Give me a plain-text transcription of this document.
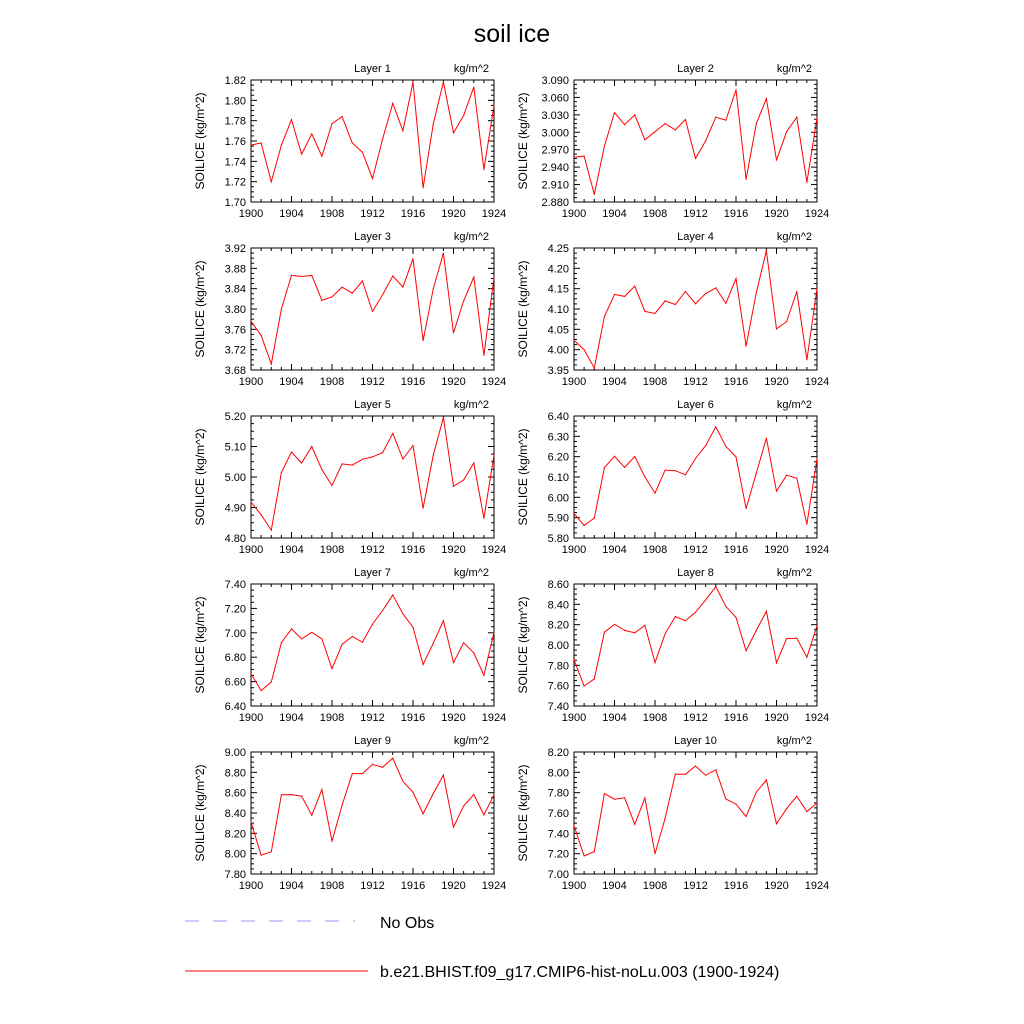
soil ice
Layer 1	kg/m^2
SOILICE (kg/m^2)
1.70
1.72
1.74
1.76
1.78
1.80
1.82
1900 1904 1908 1912 1916 1920 1924
Layer 2	kg/m^2
SOILICE (kg/m^2)
2.880
2.910
2.940
2.970
3.000
3.030
3.060
3.090
1900 1904 1908 1912 1916 1920 1924
Layer 3	kg/m^2
SOILICE (kg/m^2)
3.68
3.72
3.76
3.80
3.84
3.88
3.92
1900 1904 1908 1912 1916 1920 1924
Layer 4	kg/m^2
SOILICE (kg/m^2)
3.95
4.00
4.05
4.10
4.15
4.20
4.25
1900 1904 1908 1912 1916 1920 1924
Layer 5	kg/m^2
SOILICE (kg/m^2)
4.80
4.90
5.00
5.10
5.20
1900 1904 1908 1912 1916 1920 1924
Layer 6	kg/m^2
SOILICE (kg/m^2)
5.80
5.90
6.00
6.10
6.20
6.30
6.40
1900 1904 1908 1912 1916 1920 1924
Layer 7	kg/m^2
SOILICE (kg/m^2)
6.40
6.60
6.80
7.00
7.20
7.40
1900 1904 1908 1912 1916 1920 1924
Layer 8	kg/m^2
SOILICE (kg/m^2)
7.40
7.60
7.80
8.00
8.20
8.40
8.60
1900 1904 1908 1912 1916 1920 1924
Layer 9	kg/m^2
SOILICE (kg/m^2)
7.80
8.00
8.20
8.40
8.60
8.80
9.00
1900 1904 1908 1912 1916 1920 1924
Layer 10	kg/m^2
SOILICE (kg/m^2)
7.00
7.20
7.40
7.60
7.80
8.00
8.20
1900 1904 1908 1912 1916 1920 1924
No Obs
b.e21.BHIST.f09_g17.CMIP6-hist-noLu.003 (1900-1924)
